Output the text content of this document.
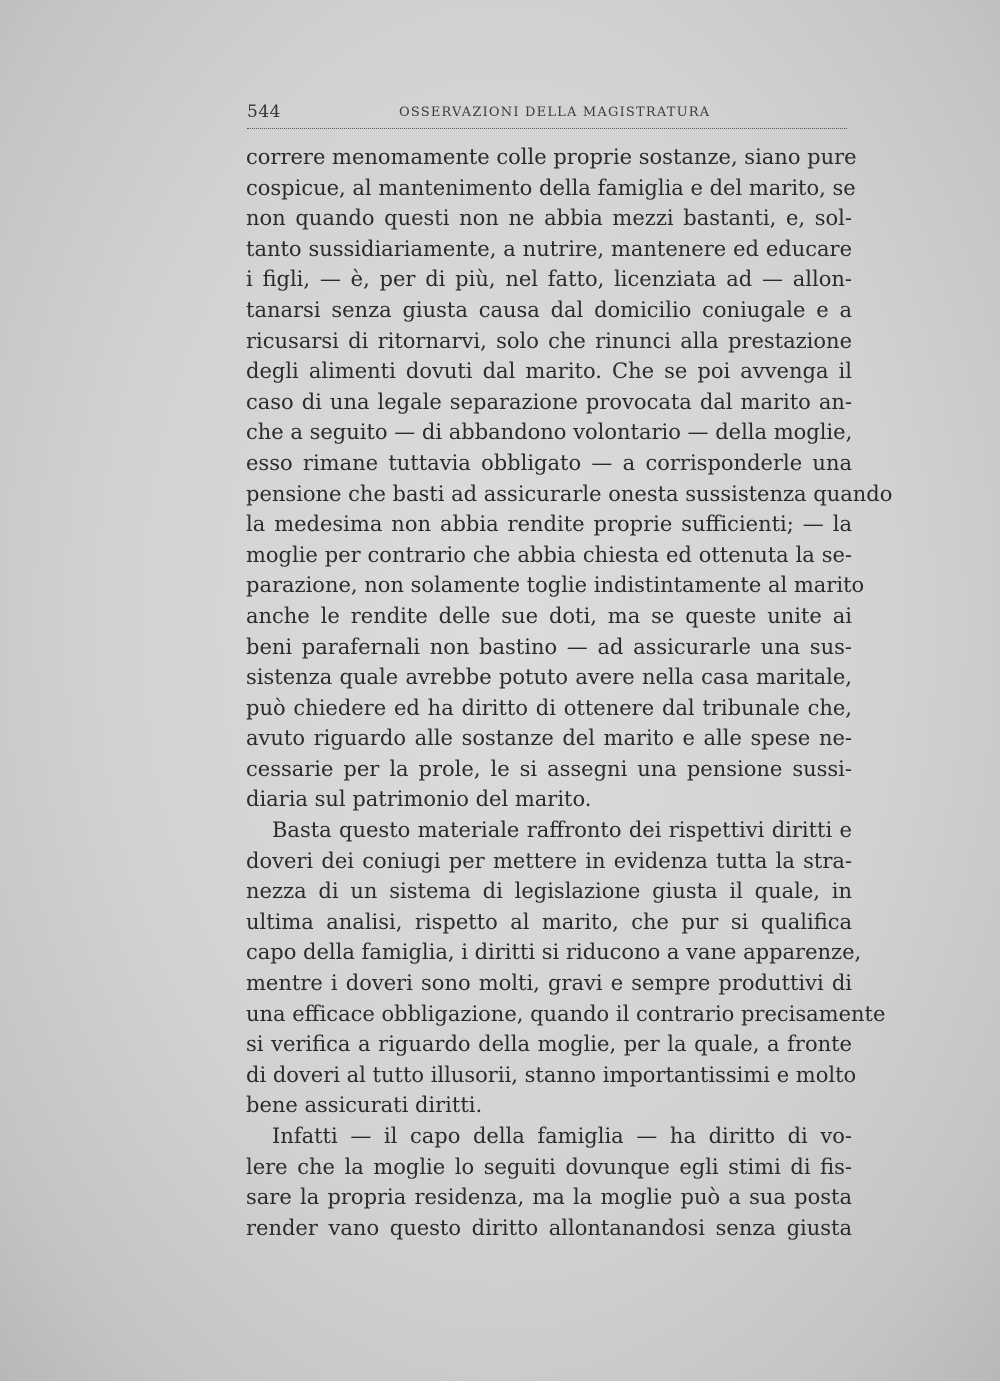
544	OSSERVAZIONI DELLA MAGISTRATURA
correre menomamente colle proprie sostanze, siano pure
cospicue, al mantenimento della famiglia e del marito, se
non quando questi non ne abbia mezzi bastanti, e, sol-
tanto sussidiariamente, a nutrire, mantenere ed educare
i figli, — è, per di più, nel fatto, licenziata ad — allon-
tanarsi senza giusta causa dal domicilio coniugale e a
ricusarsi di ritornarvi, solo che rinunci alla prestazione
degli alimenti dovuti dal marito. Che se poi avvenga il
caso di una legale separazione provocata dal marito an-
che a seguito — di abbandono volontario — della moglie,
esso rimane tuttavia obbligato — a corrisponderle una
pensione che basti ad assicurarle onesta sussistenza quando
la medesima non abbia rendite proprie sufficienti; — la
moglie per contrario che abbia chiesta ed ottenuta la se-
parazione, non solamente toglie indistintamente al marito
anche le rendite delle sue doti, ma se queste unite ai
beni parafernali non bastino — ad assicurarle una sus-
sistenza quale avrebbe potuto avere nella casa maritale,
può chiedere ed ha diritto di ottenere dal tribunale che,
avuto riguardo alle sostanze del marito e alle spese ne-
cessarie per la prole, le si assegni una pensione sussi-
diaria sul patrimonio del marito.
Basta questo materiale raffronto dei rispettivi diritti e
doveri dei coniugi per mettere in evidenza tutta la stra-
nezza di un sistema di legislazione giusta il quale, in
ultima analisi, rispetto al marito, che pur si qualifica
capo della famiglia, i diritti si riducono a vane apparenze,
mentre i doveri sono molti, gravi e sempre produttivi di
una efficace obbligazione, quando il contrario precisamente
si verifica a riguardo della moglie, per la quale, a fronte
di doveri al tutto illusorii, stanno importantissimi e molto
bene assicurati diritti.
Infatti — il capo della famiglia — ha diritto di vo-
lere che la moglie lo seguiti dovunque egli stimi di fis-
sare la propria residenza, ma la moglie può a sua posta
render vano questo diritto allontanandosi senza giusta
